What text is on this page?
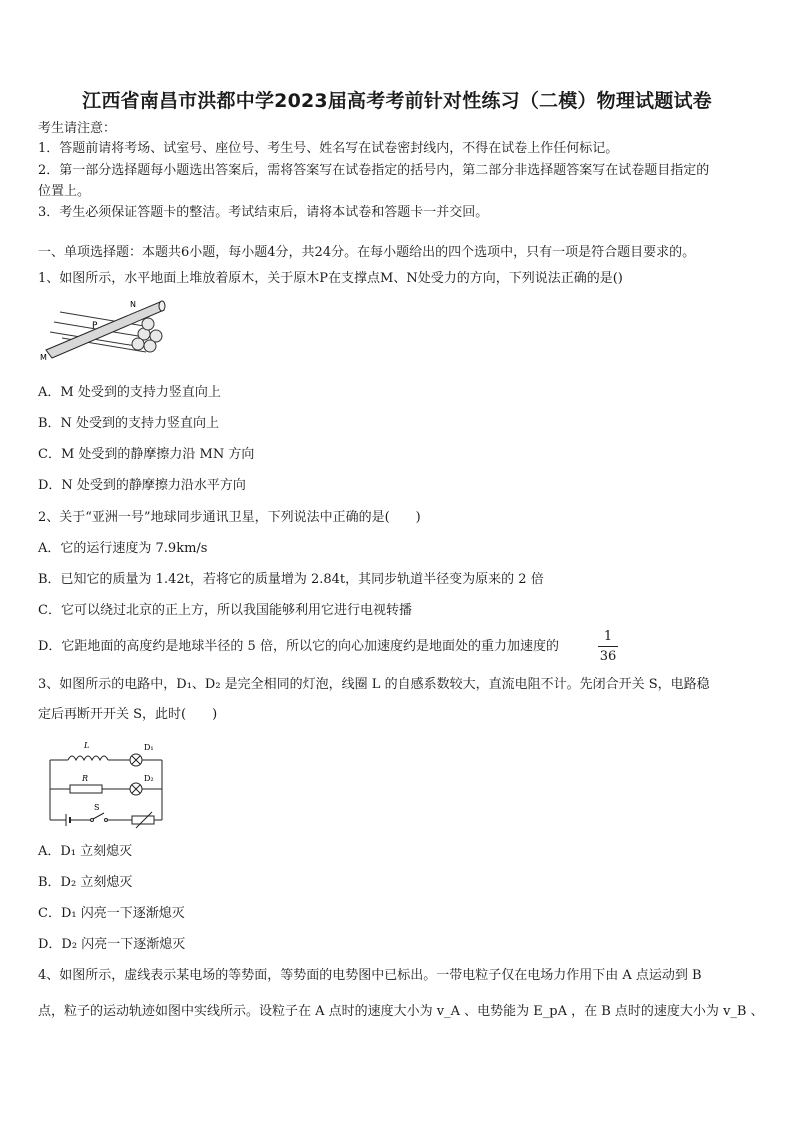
江西省南昌市洪都中学2023届高考考前针对性练习（二模）物理试题试卷
考生请注意：
1．答题前请将考场、试室号、座位号、考生号、姓名写在试卷密封线内，不得在试卷上作任何标记。
2．第一部分选择题每小题选出答案后，需将答案写在试卷指定的括号内，第二部分非选择题答案写在试卷题目指定的
位置上。
3．考生必须保证答题卡的整洁。考试结束后，请将本试卷和答题卡一并交回。
一、单项选择题：本题共6小题，每小题4分，共24分。在每小题给出的四个选项中，只有一项是符合题目要求的。
1、如图所示，水平地面上堆放着原木，关于原木P在支撑点M、N处受力的方向，下列说法正确的是()
P
N
M
A．M 处受到的支持力竖直向上
B．N 处受到的支持力竖直向上
C．M 处受到的静摩擦力沿 MN 方向
D．N 处受到的静摩擦力沿水平方向
2、关于“亚洲一号”地球同步通讯卫星，下列说法中正确的是(　　)
A．它的运行速度为 7.9km/s
B．已知它的质量为 1.42t，若将它的质量增为 2.84t，其同步轨道半径变为原来的 2 倍
C．它可以绕过北京的正上方，所以我国能够利用它进行电视转播
D．它距地面的高度约是地球半径的 5 倍，所以它的向心加速度约是地面处的重力加速度的
1
36
3、如图所示的电路中，D₁、D₂ 是完全相同的灯泡，线圈 L 的自感系数较大，直流电阻不计。先闭合开关 S，电路稳
定后再断开开关 S，此时(　　)
L	D₁
R	D₂
S
A．D₁ 立刻熄灭
B．D₂ 立刻熄灭
C．D₁ 闪亮一下逐渐熄灭
D．D₂ 闪亮一下逐渐熄灭
4、如图所示，虚线表示某电场的等势面，等势面的电势图中已标出。一带电粒子仅在电场力作用下由 A 点运动到 B
点，粒子的运动轨迹如图中实线所示。设粒子在 A 点时的速度大小为 v_A 、电势能为 E_pA ，在 B 点时的速度大小为 v_B 、
